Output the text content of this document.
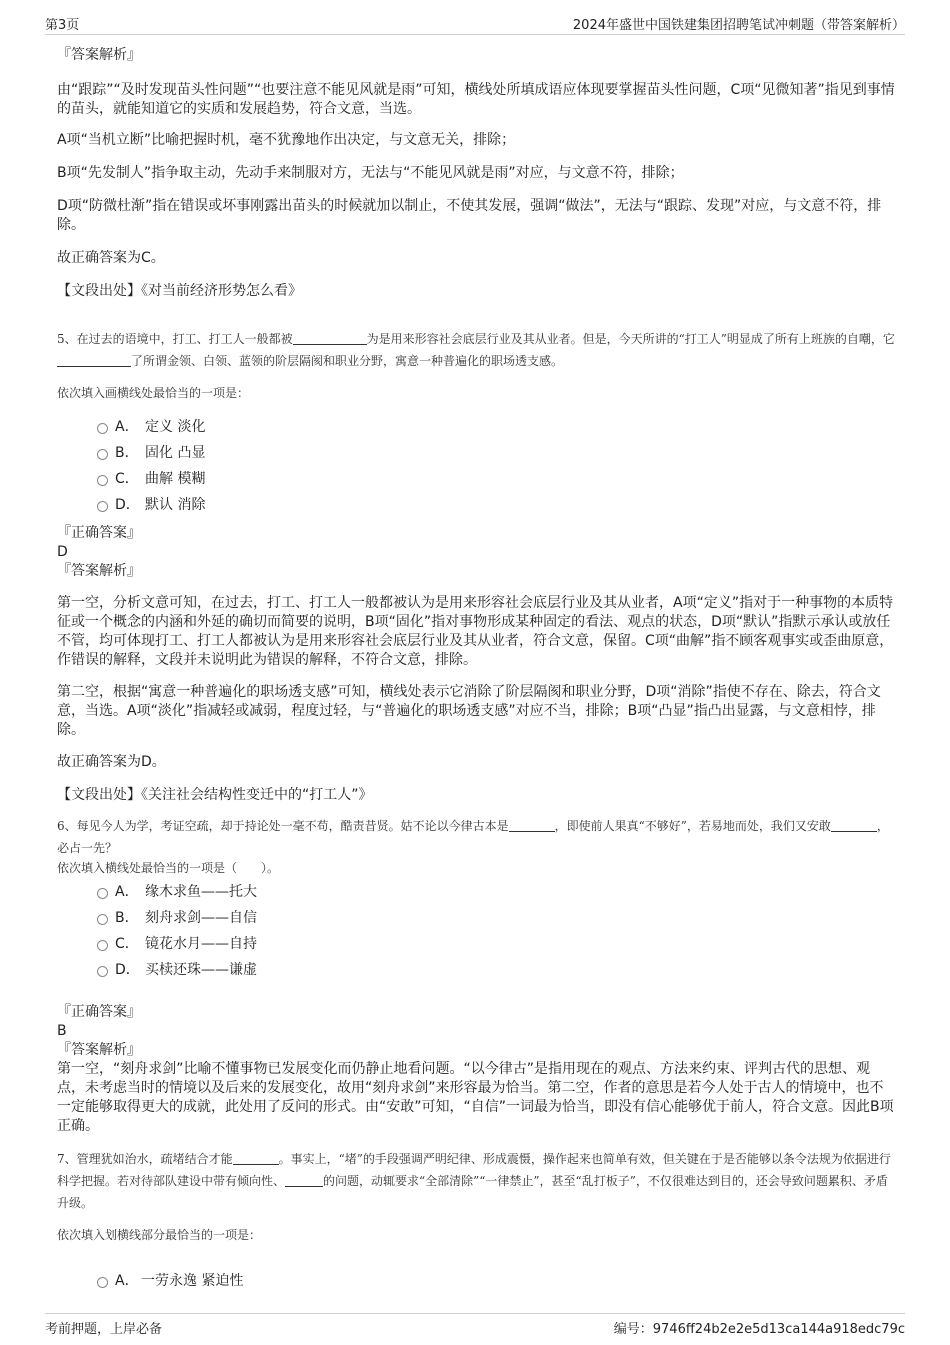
第3页	2024年盛世中国铁建集团招聘笔试冲刺题（带答案解析）

『答案解析』

由“跟踪”“及时发现苗头性问题”“也要注意不能见风就是雨”可知，横线处所填成语应体现要掌握苗头性问题，C项“见微知著”指见到事情的苗头，就能知道它的实质和发展趋势，符合文意，当选。

A项“当机立断”比喻把握时机，毫不犹豫地作出决定，与文意无关，排除；

B项“先发制人”指争取主动，先动手来制服对方，无法与“不能见风就是雨”对应，与文意不符，排除；

D项“防微杜渐”指在错误或坏事刚露出苗头的时候就加以制止，不使其发展，强调“做法”，无法与“跟踪、发现”对应，与文意不符，排除。

故正确答案为C。

【文段出处】《对当前经济形势怎么看》

5、在过去的语境中，打工、打工人一般都被	为是用来形容社会底层行业及其从业者。但是，今天所讲的“打工人”明显成了所有上班族的自嘲，它了所谓金领、白领、蓝领的阶层隔阂和职业分野，寓意一种普遍化的职场透支感。

依次填入画横线处最恰当的一项是：

A． 定义 淡化
B． 固化 凸显
C． 曲解 模糊
D． 默认 消除

『正确答案』

D

『答案解析』

第一空，分析文意可知，在过去，打工、打工人一般都被认为是用来形容社会底层行业及其从业者，A项“定义”指对于一种事物的本质特征或一个概念的内涵和外延的确切而简要的说明，B项“固化”指对事物形成某种固定的看法、观点的状态，D项“默认”指默示承认或放任不管，均可体现打工、打工人都被认为是用来形容社会底层行业及其从业者，符合文意，保留。C项“曲解”指不顾客观事实或歪曲原意，作错误的解释，文段并未说明此为错误的解释，不符合文意，排除。

第二空，根据“寓意一种普遍化的职场透支感”可知，横线处表示它消除了阶层隔阂和职业分野，D项“消除”指使不存在、除去，符合文意，当选。A项“淡化”指减轻或减弱，程度过轻，与“普遍化的职场透支感”对应不当，排除；B项“凸显”指凸出显露，与文意相悖，排除。

故正确答案为D。

【文段出处】《关注社会结构性变迁中的“打工人”》

6、每见今人为学，考证空疏，却于持论处一毫不苟，酷责昔贤。姑不论以今律古本是	，即使前人果真“不够好”，若易地而处，我们又安敢	，必占一先？

依次填入横线处最恰当的一项是（　　）。

A． 缘木求鱼——托大
B． 刻舟求剑——自信
C． 镜花水月——自持
D． 买椟还珠——谦虚

『正确答案』

B

『答案解析』

第一空，“刻舟求剑”比喻不懂事物已发展变化而仍静止地看问题。“以今律古”是指用现在的观点、方法来约束、评判古代的思想、观点，未考虑当时的情境以及后来的发展变化，故用“刻舟求剑”来形容最为恰当。第二空，作者的意思是若今人处于古人的情境中，也不一定能够取得更大的成就，此处用了反问的形式。由“安敢”可知，“自信”一词最为恰当，即没有信心能够优于前人，符合文意。因此B项正确。

7、管理犹如治水，疏堵结合才能	。事实上，“堵”的手段强调严明纪律、形成震慑，操作起来也简单有效，但关键在于是否能够以条令法规为依据进行科学把握。若对待部队建设中带有倾向性、	的问题，动辄要求“全部清除”“一律禁止”，甚至“乱打板子”，不仅很难达到目的，还会导致问题累积、矛盾升级。

依次填入划横线部分最恰当的一项是：

A． 一劳永逸 紧迫性
考前押题，上岸必备	编号：9746ff24b2e2e5d13ca144a918edc79c
